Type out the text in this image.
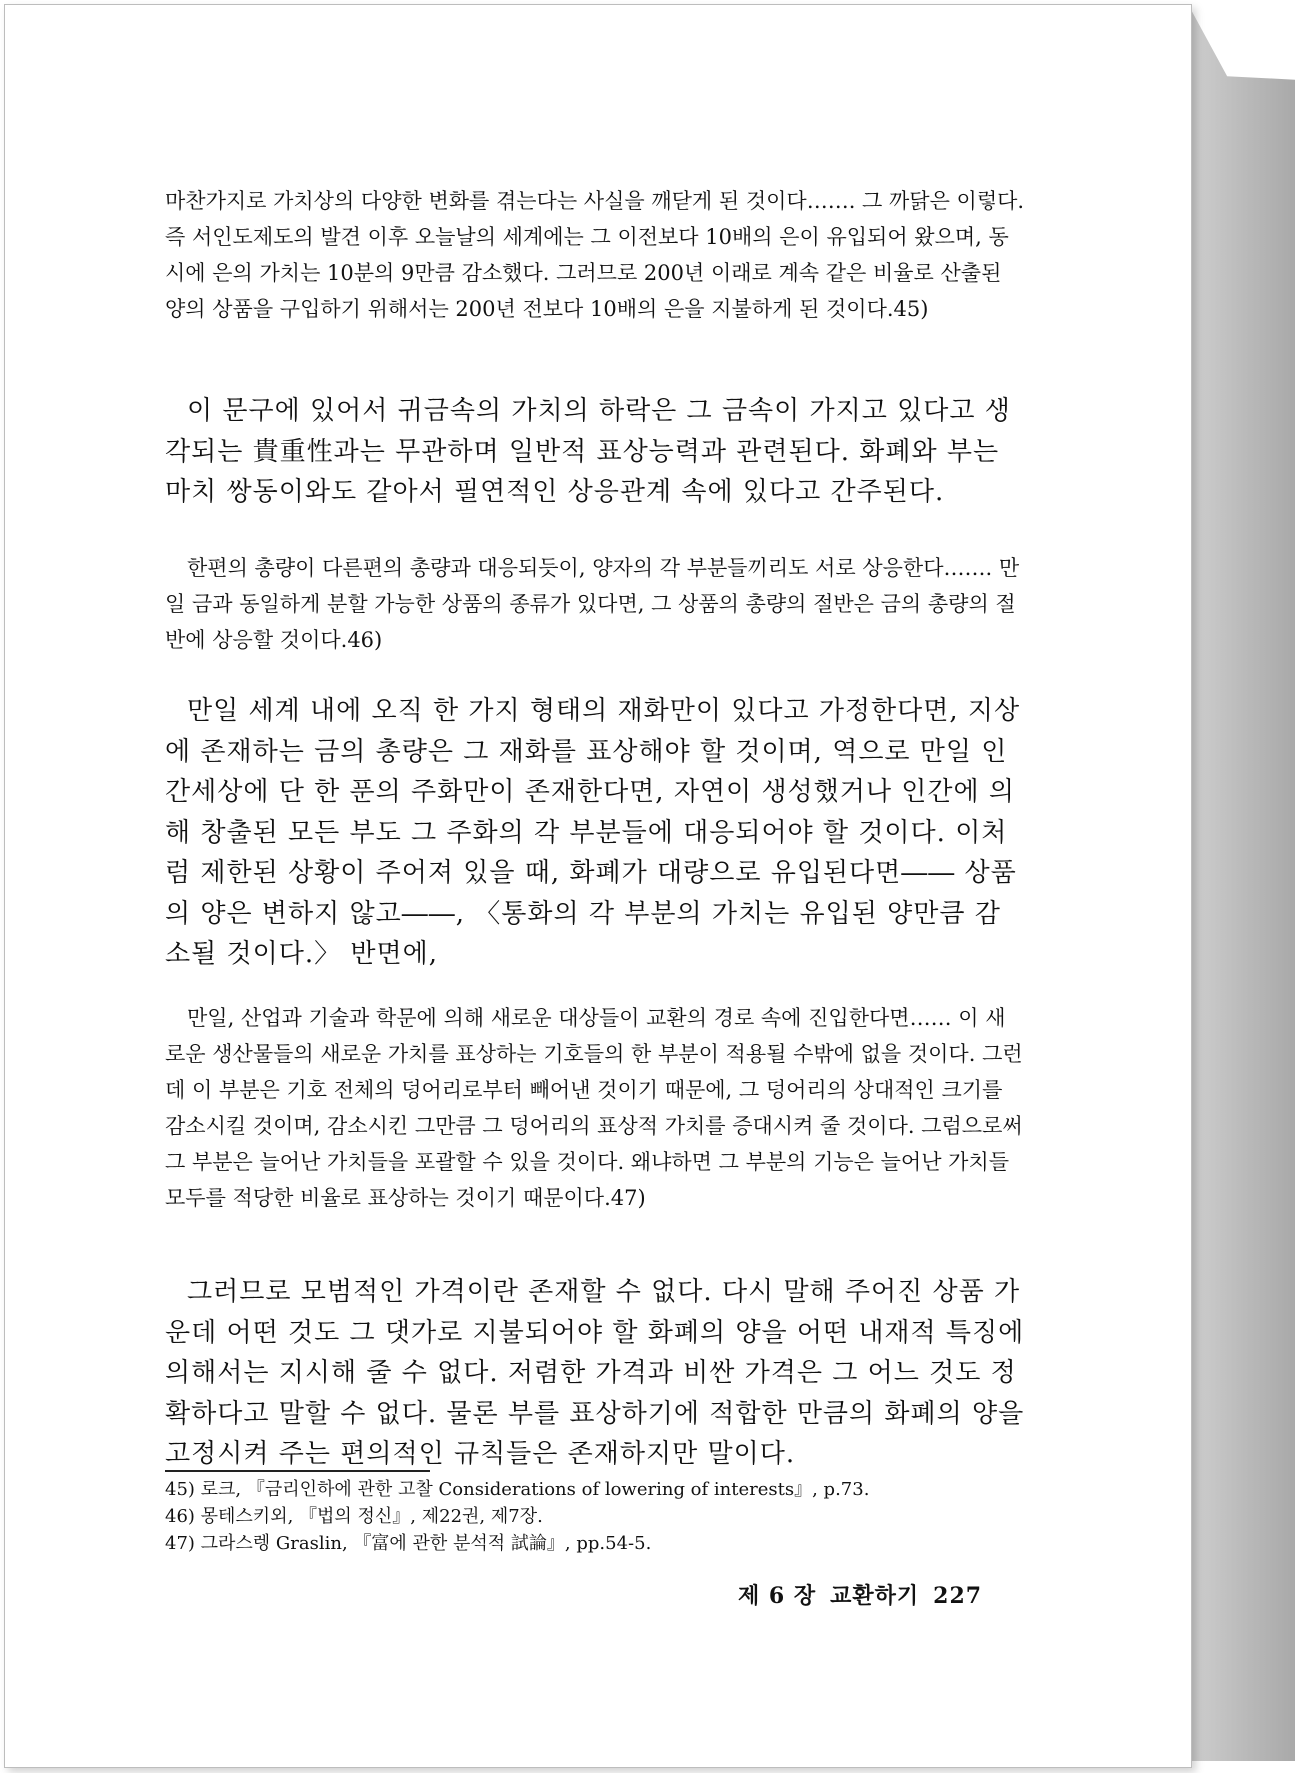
마찬가지로 가치상의 다양한 변화를 겪는다는 사실을 깨닫게 된 것이다……. 그 까닭은 이렇다. 즉 서인도제도의 발견 이후 오늘날의 세계에는 그 이전보다 10배의 은이 유입되어 왔으며, 동시에 은의 가치는 10분의 9만큼 감소했다. 그러므로 200년 이래로 계속 같은 비율로 산출된 양의 상품을 구입하기 위해서는 200년 전보다 10배의 은을 지불하게 된 것이다.45)

이 문구에 있어서 귀금속의 가치의 하락은 그 금속이 가지고 있다고 생각되는 貴重性과는 무관하며 일반적 표상능력과 관련된다. 화폐와 부는 마치 쌍동이와도 같아서 필연적인 상응관계 속에 있다고 간주된다.

한편의 총량이 다른편의 총량과 대응되듯이, 양자의 각 부분들끼리도 서로 상응한다……. 만일 금과 동일하게 분할 가능한 상품의 종류가 있다면, 그 상품의 총량의 절반은 금의 총량의 절반에 상응할 것이다.46)

만일 세계 내에 오직 한 가지 형태의 재화만이 있다고 가정한다면, 지상에 존재하는 금의 총량은 그 재화를 표상해야 할 것이며, 역으로 만일 인간세상에 단 한 푼의 주화만이 존재한다면, 자연이 생성했거나 인간에 의해 창출된 모든 부도 그 주화의 각 부분들에 대응되어야 할 것이다. 이처럼 제한된 상황이 주어져 있을 때, 화폐가 대량으로 유입된다면―― 상품의 양은 변하지 않고――, 〈통화의 각 부분의 가치는 유입된 양만큼 감소될 것이다.〉 반면에,

만일, 산업과 기술과 학문에 의해 새로운 대상들이 교환의 경로 속에 진입한다면…… 이 새로운 생산물들의 새로운 가치를 표상하는 기호들의 한 부분이 적용될 수밖에 없을 것이다. 그런데 이 부분은 기호 전체의 덩어리로부터 빼어낸 것이기 때문에, 그 덩어리의 상대적인 크기를 감소시킬 것이며, 감소시킨 그만큼 그 덩어리의 표상적 가치를 증대시켜 줄 것이다. 그럼으로써 그 부분은 늘어난 가치들을 포괄할 수 있을 것이다. 왜냐하면 그 부분의 기능은 늘어난 가치들 모두를 적당한 비율로 표상하는 것이기 때문이다.47)

그러므로 모범적인 가격이란 존재할 수 없다. 다시 말해 주어진 상품 가운데 어떤 것도 그 댓가로 지불되어야 할 화폐의 양을 어떤 내재적 특징에 의해서는 지시해 줄 수 없다. 저렴한 가격과 비싼 가격은 그 어느 것도 정확하다고 말할 수 없다. 물론 부를 표상하기에 적합한 만큼의 화폐의 양을 고정시켜 주는 편의적인 규칙들은 존재하지만 말이다.

45) 로크, 『금리인하에 관한 고찰 Considerations of lowering of interests』, p.73.
46) 몽테스키외, 『법의 정신』, 제22권, 제7장.
47) 그라스렝 Graslin, 『富에 관한 분석적 試論』, pp.54-5.
제 6 장 교환하기 227
